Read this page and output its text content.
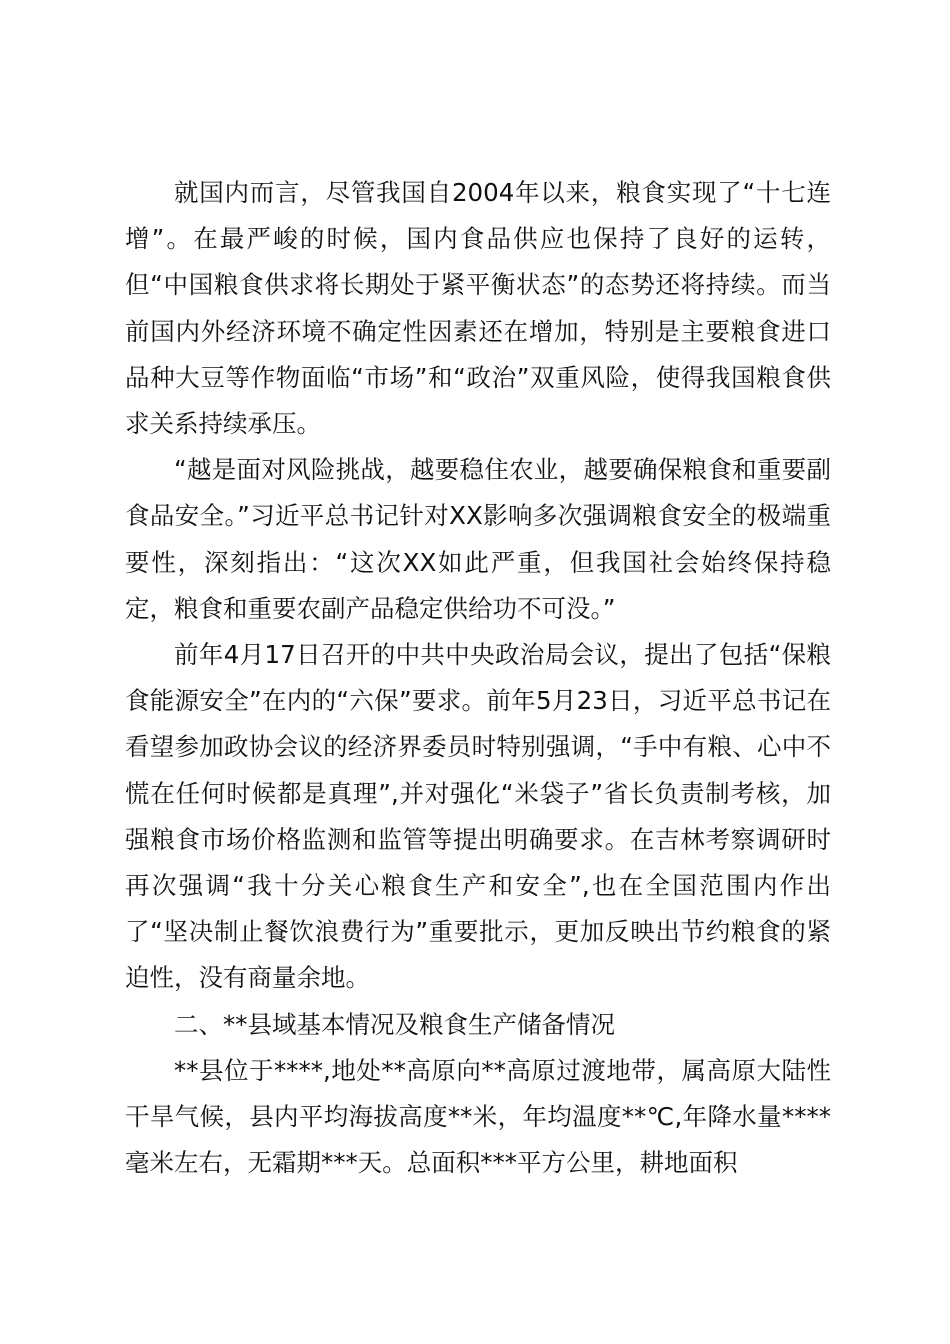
就国内而言，尽管我国自2004年以来，粮食实现了“十七连增”。在最严峻的时候，国内食品供应也保持了良好的运转，但“中国粮食供求将长期处于紧平衡状态”的态势还将持续。而当前国内外经济环境不确定性因素还在增加，特别是主要粮食进口品种大豆等作物面临“市场”和“政治”双重风险，使得我国粮食供求关系持续承压。

“越是面对风险挑战，越要稳住农业，越要确保粮食和重要副食品安全。”习近平总书记针对XX影响多次强调粮食安全的极端重要性，深刻指出：“这次XX如此严重，但我国社会始终保持稳定，粮食和重要农副产品稳定供给功不可没。”

前年4月17日召开的中共中央政治局会议，提出了包括“保粮食能源安全”在内的“六保”要求。前年5月23日，习近平总书记在看望参加政协会议的经济界委员时特别强调，“手中有粮、心中不慌在任何时候都是真理”,并对强化“米袋子”省长负责制考核，加强粮食市场价格监测和监管等提出明确要求。在吉林考察调研时再次强调“我十分关心粮食生产和安全”,也在全国范围内作出了“坚决制止餐饮浪费行为”重要批示，更加反映出节约粮食的紧迫性，没有商量余地。

二、**县域基本情况及粮食生产储备情况

**县位于****,地处**高原向**高原过渡地带，属高原大陆性干旱气候，县内平均海拔高度**米，年均温度**℃,年降水量****毫米左右，无霜期***天。总面积***平方公里，耕地面积
